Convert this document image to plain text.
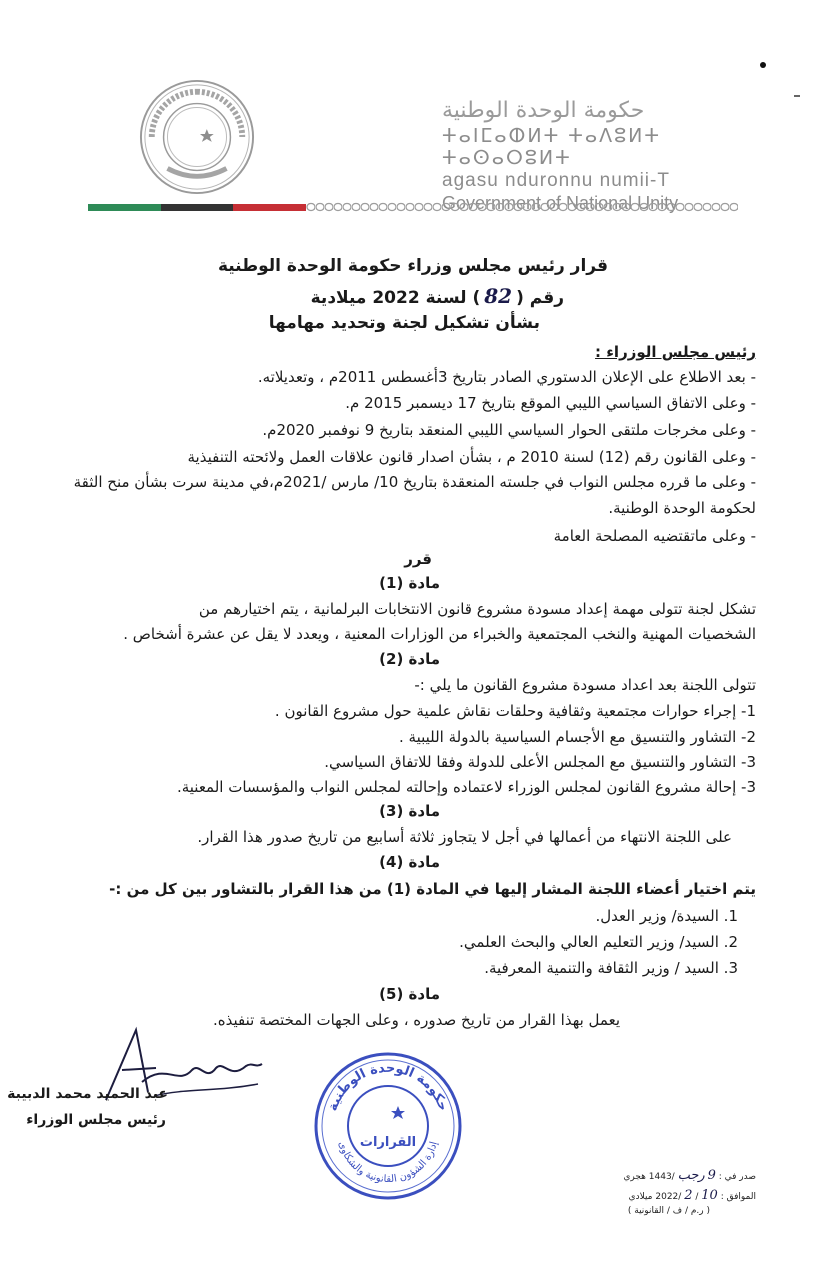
حكومة الوحدة الوطنية
ⵜⴰⵏⵎⴰⵀⵍⵜ ⵜⴰⴷⵓⵍⵜ ⵜⴰⵙⴰⵔⵓⵍⵜ
agasu nduronnu numii-T
قرار رئيس مجلس وزراء حكومة الوحدة الوطنية
رقم (82) لسنة 2022 ميلادية
بشأن تشكيل لجنة وتحديد مهامها
رئيس مجلس الوزراء :
- بعد الاطلاع على الإعلان الدستوري الصادر بتاريخ 3أغسطس 2011م ، وتعديلاته.
- وعلى الاتفاق السياسي الليبي الموقع بتاريخ 17 ديسمبر 2015 م.
- وعلى مخرجات ملتقى الحوار السياسي الليبي المنعقد بتاريخ 9 نوفمبر 2020م.
- وعلى القانون رقم (12) لسنة 2010 م ، بشأن اصدار قانون علاقات العمل ولائحته التنفيذية
- وعلى ما قرره مجلس النواب في جلسته المنعقدة بتاريخ 10/ مارس /2021م،في مدينة سرت بشأن منح الثقة
لحكومة الوحدة الوطنية.
- وعلى ماتقتضيه المصلحة العامة
قرر
مادة (1)
تشكل لجنة تتولى مهمة إعداد مسودة مشروع قانون الانتخابات البرلمانية ، يتم اختيارهم من
الشخصيات المهنية والنخب المجتمعية والخبراء من الوزارات المعنية ، ويعدد لا يقل عن عشرة أشخاص .
مادة (2)
تتولى اللجنة بعد اعداد مسودة مشروع القانون ما يلي :-
1- إجراء حوارات مجتمعية وثقافية وحلقات نقاش علمية حول مشروع القانون .
2- التشاور والتنسيق مع الأجسام السياسية بالدولة الليبية .
3- التشاور والتنسيق مع المجلس الأعلى للدولة وفقا للاتفاق السياسي.
3- إحالة مشروع القانون لمجلس الوزراء لاعتماده وإحالته لمجلس النواب والمؤسسات المعنية.
مادة (3)
على اللجنة الانتهاء من أعمالها في أجل لا يتجاوز ثلاثة أسابيع من تاريخ صدور هذا القرار.
مادة (4)
يتم اختيار أعضاء اللجنة المشار إليها في المادة (1) من هذا القرار بالتشاور بين كل من :-
1. السيدة/ وزير العدل.
2. السيد/ وزير التعليم العالي والبحث العلمي.
3. السيد / وزير الثقافة والتنمية المعرفية.
مادة (5)
يعمل بهذا القرار من تاريخ صدوره ، وعلى الجهات المختصة تنفيذه.
عبد الحميد محمد الدبيبة
رئيس مجلس الوزراء
حكومة الوحدة الوطنية
إدارة الشؤون القانونية والشكاوى
القرارات
صدر في : 9 رجب /1443 هجري
الموافق : 10 / 2 /2022 ميلادي
( ر.م / ف / القانونية )
